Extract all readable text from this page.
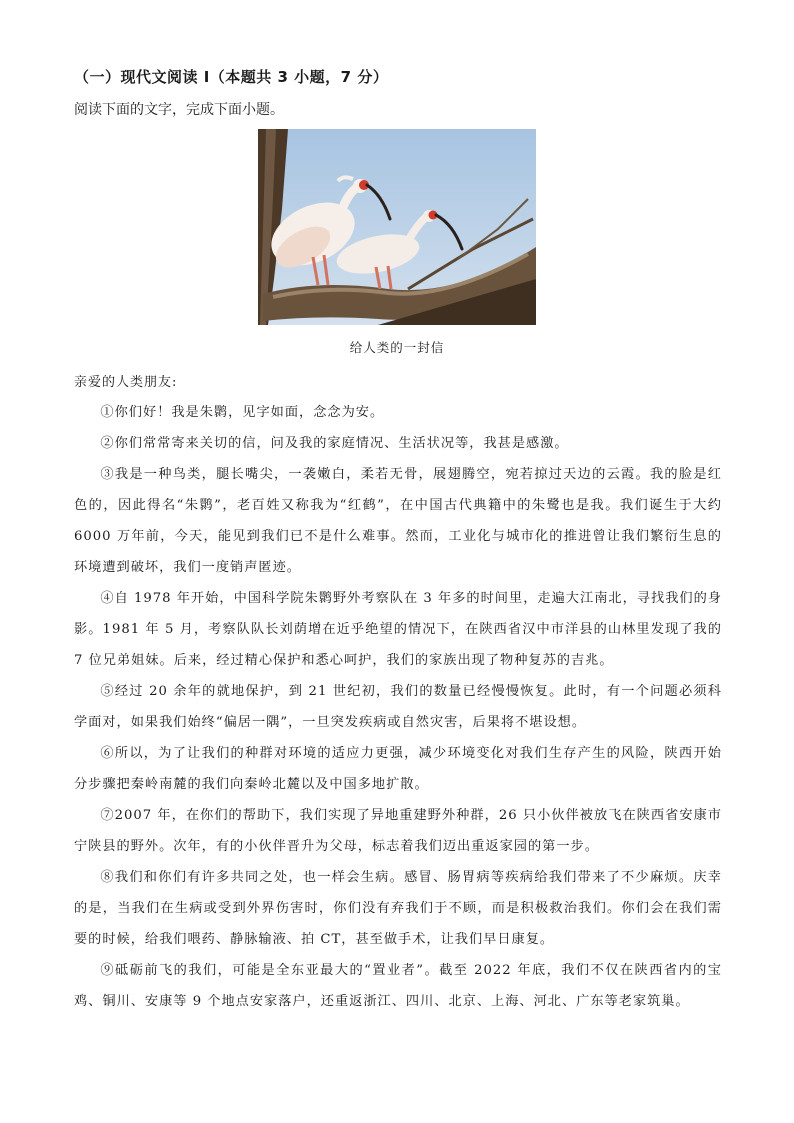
（一）现代文阅读 I（本题共 3 小题，7 分）
阅读下面的文字，完成下面小题。
给人类的一封信
亲爱的人类朋友:

①你们好！我是朱鹮，见字如面，念念为安。

②你们常常寄来关切的信，问及我的家庭情况、生活状况等，我甚是感激。

③我是一种鸟类，腿长嘴尖，一袭嫩白，柔若无骨，展翅腾空，宛若掠过天边的云霞。我的脸是红色的，因此得名“朱鹮”，老百姓又称我为“红鹤”，在中国古代典籍中的朱鹭也是我。我们诞生于大约 6000 万年前，今天，能见到我们已不是什么难事。然而，工业化与城市化的推进曾让我们繁衍生息的环境遭到破坏，我们一度销声匿迹。

④自 1978 年开始，中国科学院朱鹮野外考察队在 3 年多的时间里，走遍大江南北，寻找我们的身影。1981 年 5 月，考察队队长刘荫增在近乎绝望的情况下，在陕西省汉中市洋县的山林里发现了我的 7 位兄弟姐妹。后来，经过精心保护和悉心呵护，我们的家族出现了物种复苏的吉兆。

⑤经过 20 余年的就地保护，到 21 世纪初，我们的数量已经慢慢恢复。此时，有一个问题必须科学面对，如果我们始终“偏居一隅”，一旦突发疾病或自然灾害，后果将不堪设想。

⑥所以，为了让我们的种群对环境的适应力更强，减少环境变化对我们生存产生的风险，陕西开始分步骤把秦岭南麓的我们向秦岭北麓以及中国多地扩散。

⑦2007 年，在你们的帮助下，我们实现了异地重建野外种群，26 只小伙伴被放飞在陕西省安康市宁陕县的野外。次年，有的小伙伴晋升为父母，标志着我们迈出重返家园的第一步。

⑧我们和你们有许多共同之处，也一样会生病。感冒、肠胃病等疾病给我们带来了不少麻烦。庆幸的是，当我们在生病或受到外界伤害时，你们没有弃我们于不顾，而是积极救治我们。你们会在我们需要的时候，给我们喂药、静脉输液、拍 CT，甚至做手术，让我们早日康复。

⑨砥砺前飞的我们，可能是全东亚最大的“置业者”。截至 2022 年底，我们不仅在陕西省内的宝鸡、铜川、安康等 9 个地点安家落户，还重返浙江、四川、北京、上海、河北、广东等老家筑巢。
